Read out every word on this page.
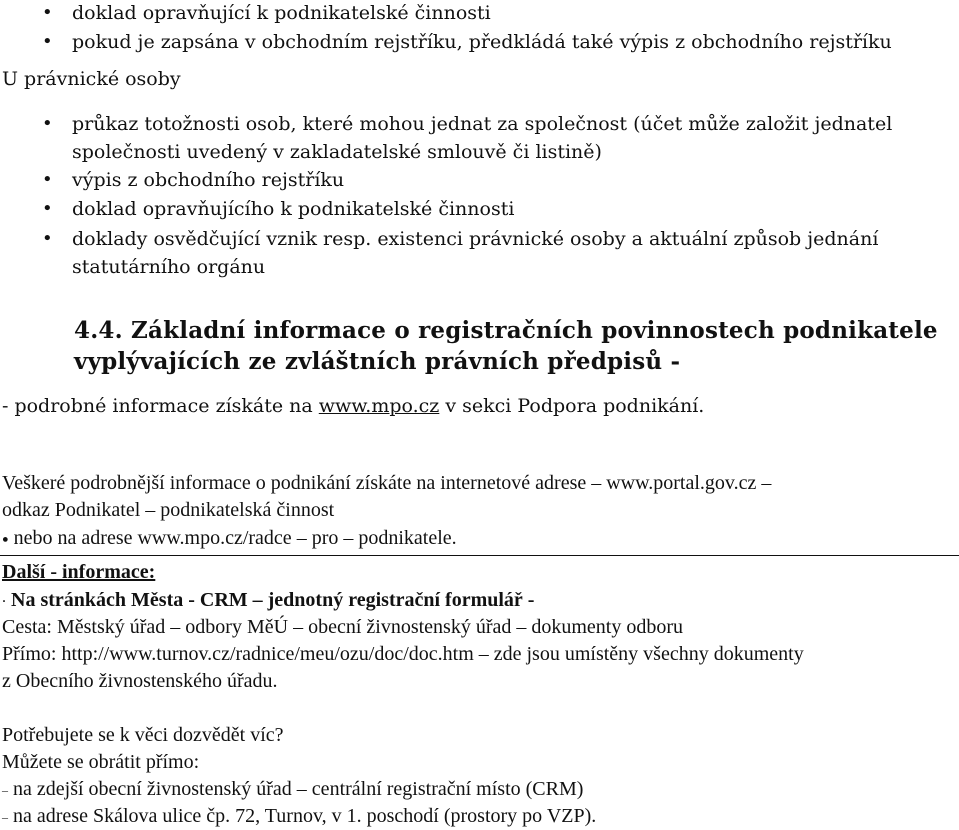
• doklad opravňující k podnikatelské činnosti
• pokud je zapsána v obchodním rejstříku, předkládá také výpis z obchodního rejstříku
U právnické osoby
• průkaz totožnosti osob, které mohou jednat za společnost (účet může založit jednatel
společnosti uvedený v zakladatelské smlouvě či listině)
• výpis z obchodního rejstříku
• doklad opravňujícího k podnikatelské činnosti
• doklady osvědčující vznik resp. existenci právnické osoby a aktuální způsob jednání
statutárního orgánu
4.4. Základní informace o registračních povinnostech podnikatele
vyplývajících ze zvláštních právních předpisů -
- podrobné informace získáte na www.mpo.cz v sekci Podpora podnikání.
Veškeré podrobnější informace o podnikání získáte na internetové adrese – www.portal.gov.cz –
odkaz Podnikatel – podnikatelská činnost
● nebo na adrese www.mpo.cz/radce – pro – podnikatele.
Další - informace:
· Na stránkách Města - CRM – jednotný registrační formulář -
Cesta: Městský úřad – odbory MěÚ – obecní živnostenský úřad – dokumenty odboru
Přímo: http://www.turnov.cz/radnice/meu/ozu/doc/doc.htm – zde jsou umístěny všechny dokumenty
z Obecního živnostenského úřadu.
Potřebujete se k věci dozvědět víc?
Můžete se obrátit přímo:
– na zdejší obecní živnostenský úřad – centrální registrační místo (CRM)
– na adrese Skálova ulice čp. 72, Turnov, v 1. poschodí (prostory po VZP).
